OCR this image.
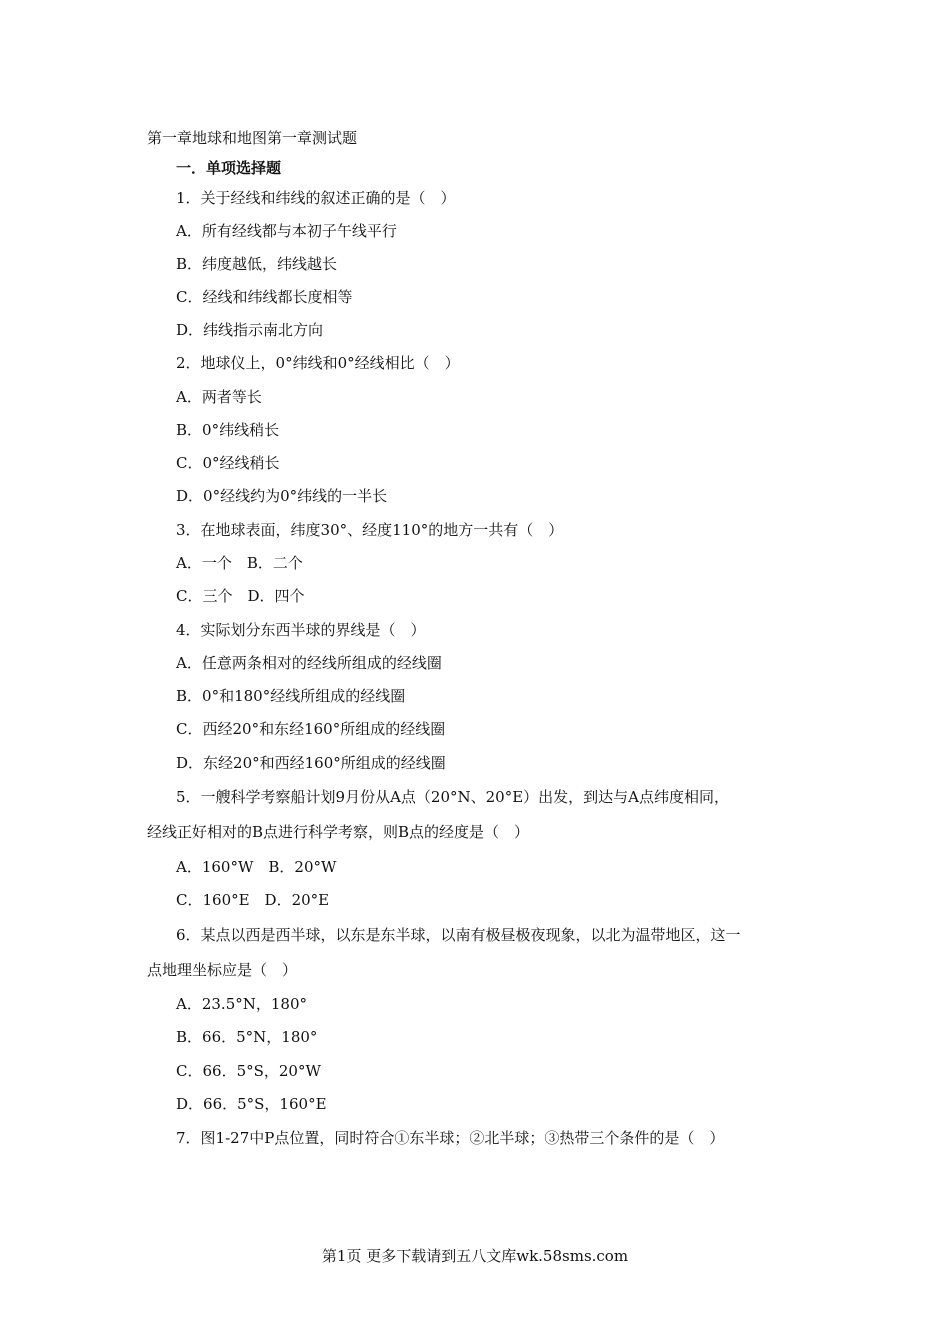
第一章地球和地图第一章测试题
一．单项选择题
1．关于经线和纬线的叙述正确的是（　）
A．所有经线都与本初子午线平行
B．纬度越低，纬线越长
C．经线和纬线都长度相等
D．纬线指示南北方向
2．地球仪上，0°纬线和0°经线相比（　）
A．两者等长
B．0°纬线稍长
C．0°经线稍长
D．0°经线约为0°纬线的一半长
3．在地球表面，纬度30°、经度110°的地方一共有（　）
A．一个　B．二个
C．三个　D．四个
4．实际划分东西半球的界线是（　）
A．任意两条相对的经线所组成的经线圈
B．0°和180°经线所组成的经线圈
C．西经20°和东经160°所组成的经线圈
D．东经20°和西经160°所组成的经线圈
5．一艘科学考察船计划9月份从A点（20°N、20°E）出发，到达与A点纬度相同，
经线正好相对的B点进行科学考察，则B点的经度是（　）
A．160°W　B．20°W
C．160°E　D．20°E
6．某点以西是西半球，以东是东半球，以南有极昼极夜现象，以北为温带地区，这一
点地理坐标应是（　）
A．23.5°N，180°
B．66．5°N，180°
C．66．5°S，20°W
D．66．5°S，160°E
7．图1-27中P点位置，同时符合①东半球；②北半球；③热带三个条件的是（　）
第1页 更多下载请到五八文库wk.58sms.com
